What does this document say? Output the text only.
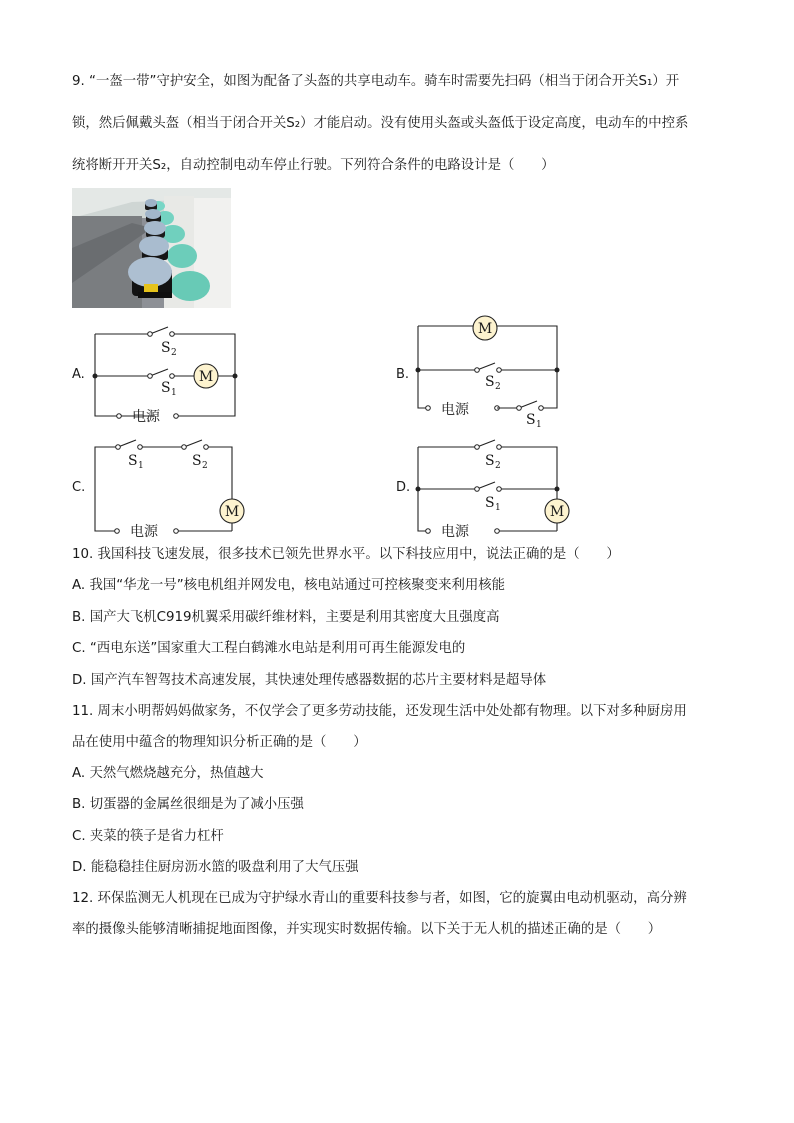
9. “一盔一带”守护安全，如图为配备了头盔的共享电动车。骑车时需要先扫码（相当于闭合开关S₁）开
锁，然后佩戴头盔（相当于闭合开关S₂）才能启动。没有使用头盔或头盔低于设定高度，电动车的中控系
统将断开开关S₂，自动控制电动车停止行驶。下列符合条件的电路设计是（　　）
A.	M
S 2
S 1
电源
B.
M
S 2
电源
S 1
C.
S 1	S 2
M
电源
D.
S 2
S 1	M
电源
10. 我国科技飞速发展，很多技术已领先世界水平。以下科技应用中，说法正确的是（　　）
A. 我国“华龙一号”核电机组并网发电，核电站通过可控核聚变来利用核能
B. 国产大飞机C919机翼采用碳纤维材料，主要是利用其密度大且强度高
C. “西电东送”国家重大工程白鹤滩水电站是利用可再生能源发电的
D. 国产汽车智驾技术高速发展，其快速处理传感器数据的芯片主要材料是超导体
11. 周末小明帮妈妈做家务，不仅学会了更多劳动技能，还发现生活中处处都有物理。以下对多种厨房用
品在使用中蕴含的物理知识分析正确的是（　　）
A. 天然气燃烧越充分，热值越大
B. 切蛋器的金属丝很细是为了减小压强
C. 夹菜的筷子是省力杠杆
D. 能稳稳挂住厨房沥水篮的吸盘利用了大气压强
12. 环保监测无人机现在已成为守护绿水青山的重要科技参与者，如图，它的旋翼由电动机驱动，高分辨
率的摄像头能够清晰捕捉地面图像，并实现实时数据传输。以下关于无人机的描述正确的是（　　）
